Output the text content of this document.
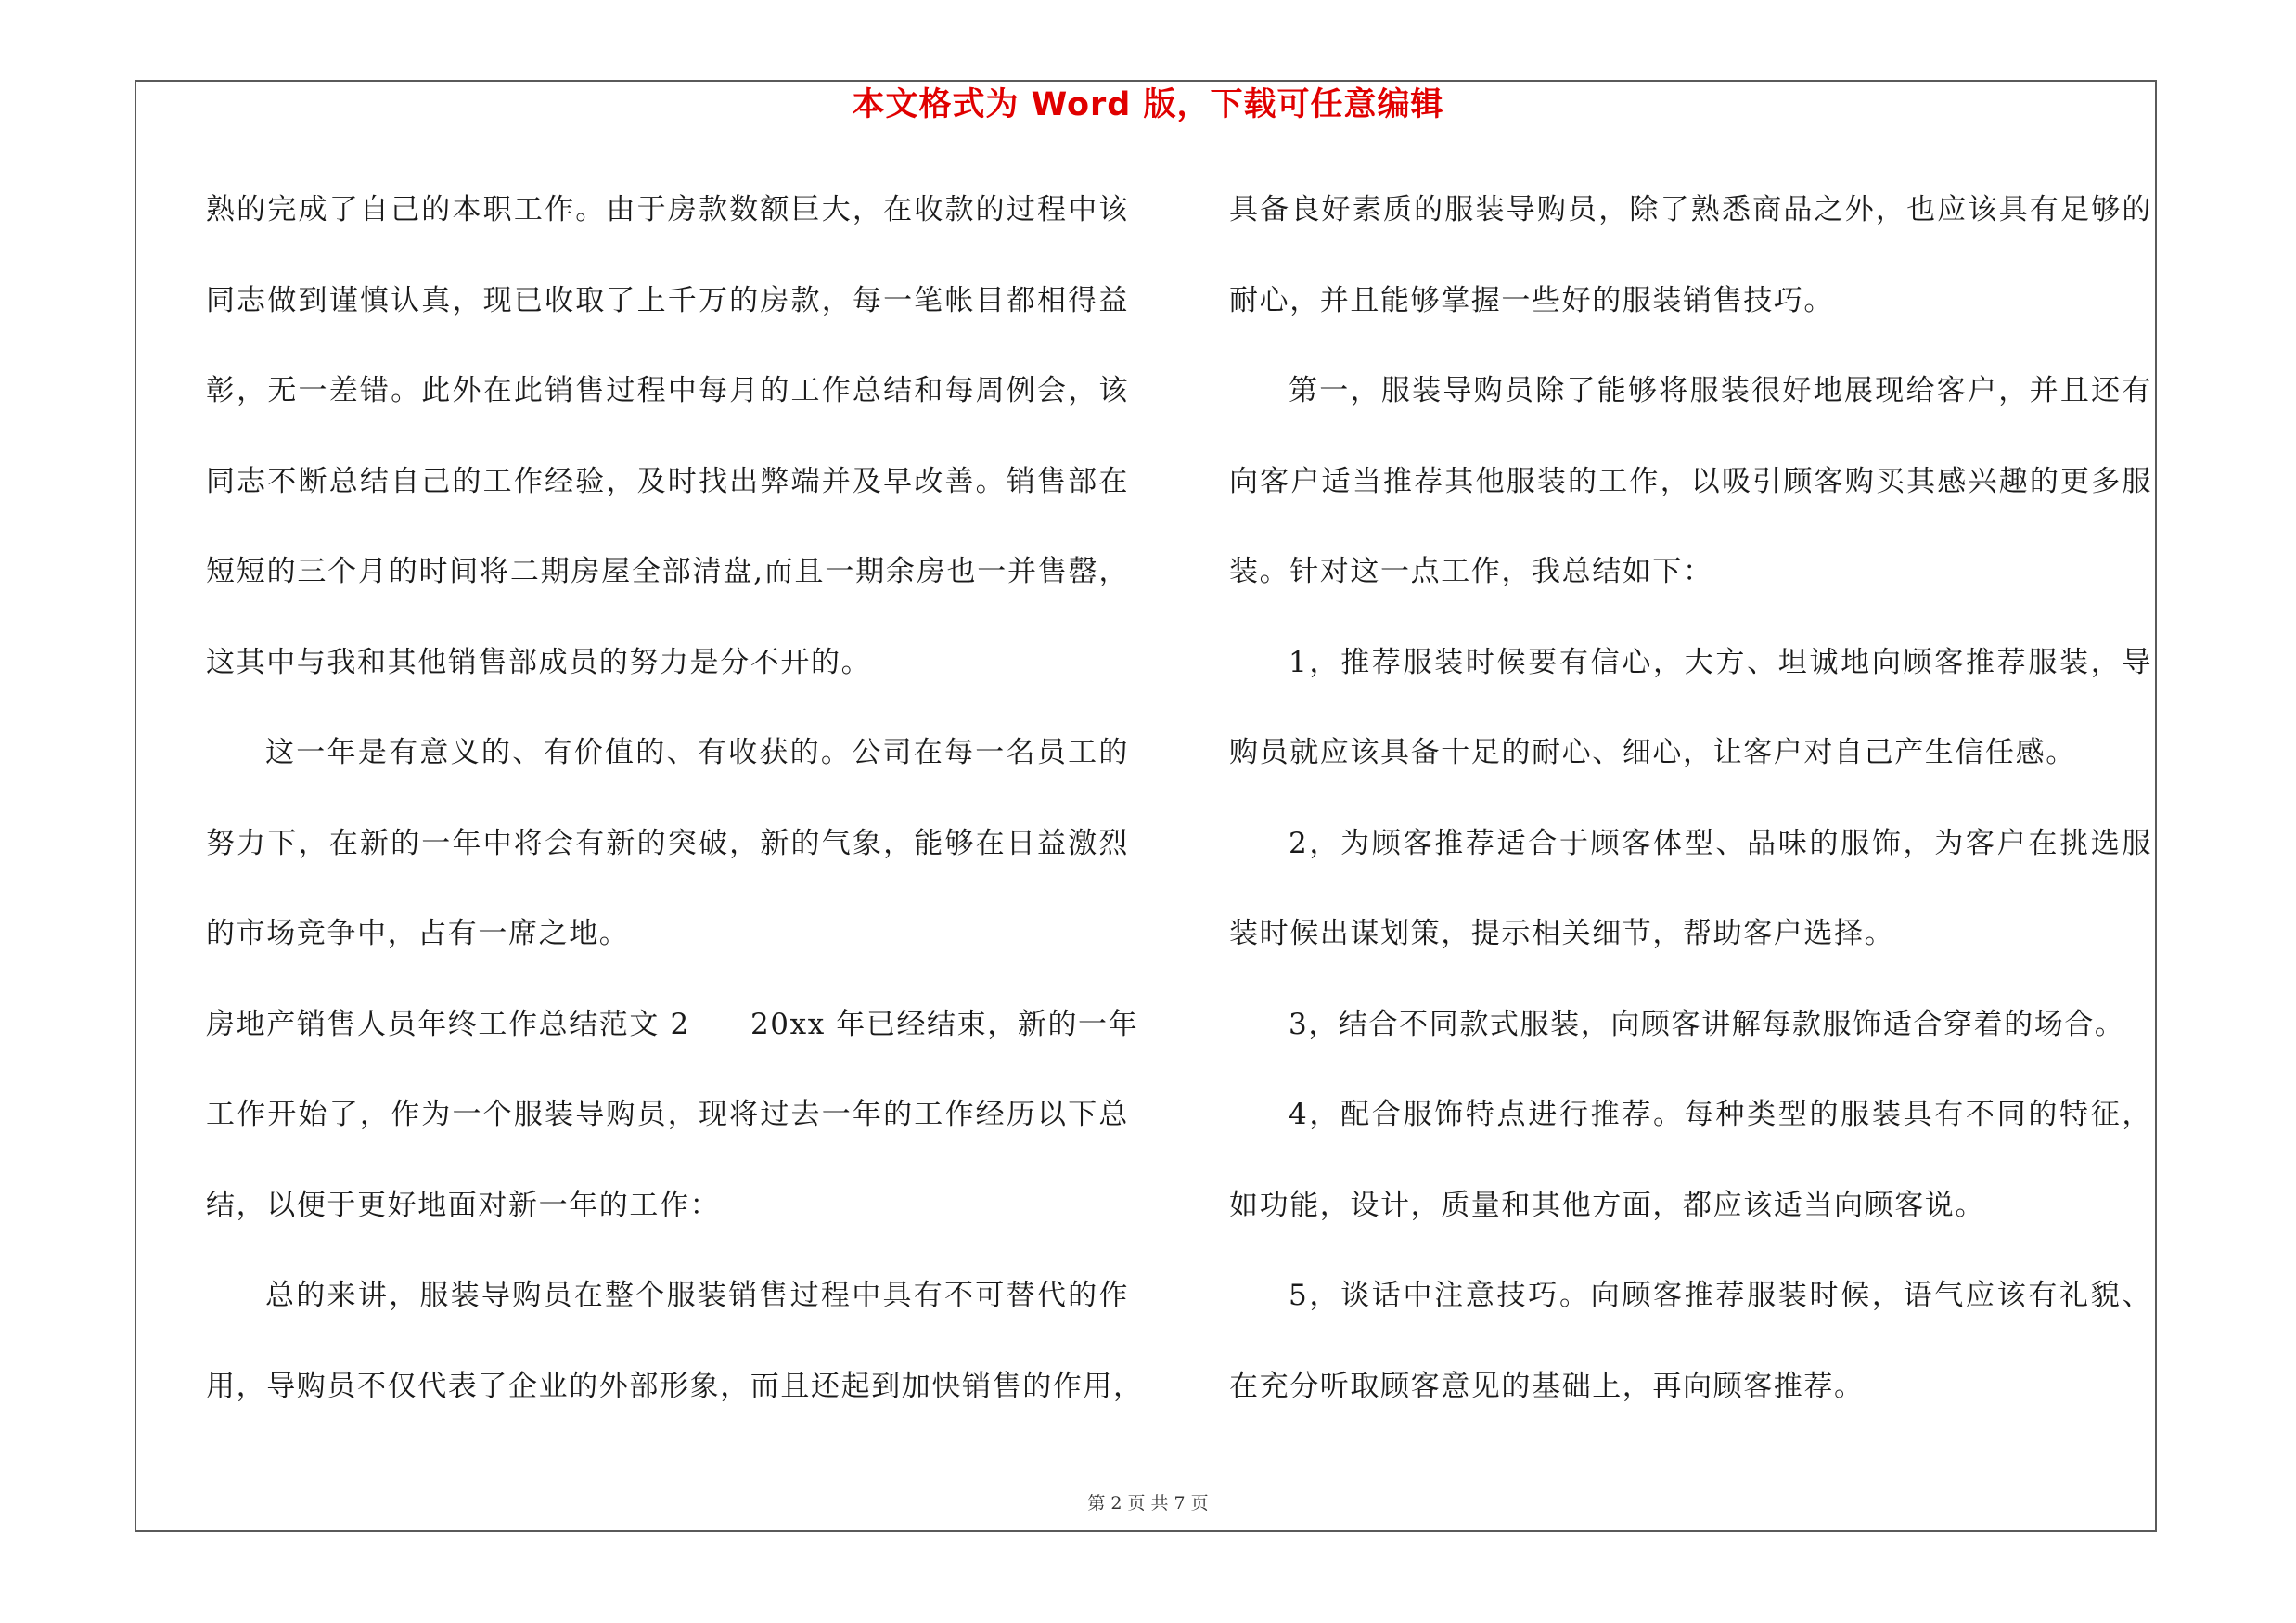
本文格式为 Word 版，下载可任意编辑
熟的完成了自己的本职工作。由于房款数额巨大，在收款的过程中该
同志做到谨慎认真，现已收取了上千万的房款，每一笔帐目都相得益
彰，无一差错。此外在此销售过程中每月的工作总结和每周例会，该
同志不断总结自己的工作经验，及时找出弊端并及早改善。销售部在
短短的三个月的时间将二期房屋全部清盘,而且一期余房也一并售罄，
这其中与我和其他销售部成员的努力是分不开的。
这一年是有意义的、有价值的、有收获的。公司在每一名员工的
努力下，在新的一年中将会有新的突破，新的气象，能够在日益激烈
的市场竞争中，占有一席之地。
房地产销售人员年终工作总结范文 2　　20xx 年已经结束，新的一年
工作开始了，作为一个服装导购员，现将过去一年的工作经历以下总
结，以便于更好地面对新一年的工作：
总的来讲，服装导购员在整个服装销售过程中具有不可替代的作
用，导购员不仅代表了企业的外部形象，而且还起到加快销售的作用，
具备良好素质的服装导购员，除了熟悉商品之外，也应该具有足够的
耐心，并且能够掌握一些好的服装销售技巧。
第一，服装导购员除了能够将服装很好地展现给客户，并且还有
向客户适当推荐其他服装的工作，以吸引顾客购买其感兴趣的更多服
装。针对这一点工作，我总结如下：
1，推荐服装时候要有信心，大方、坦诚地向顾客推荐服装，导
购员就应该具备十足的耐心、细心，让客户对自己产生信任感。
2，为顾客推荐适合于顾客体型、品味的服饰，为客户在挑选服
装时候出谋划策，提示相关细节，帮助客户选择。
3，结合不同款式服装，向顾客讲解每款服饰适合穿着的场合。
4，配合服饰特点进行推荐。每种类型的服装具有不同的特征，
如功能，设计，质量和其他方面，都应该适当向顾客说。
5，谈话中注意技巧。向顾客推荐服装时候，语气应该有礼貌、
在充分听取顾客意见的基础上，再向顾客推荐。
第 2 页 共 7 页
